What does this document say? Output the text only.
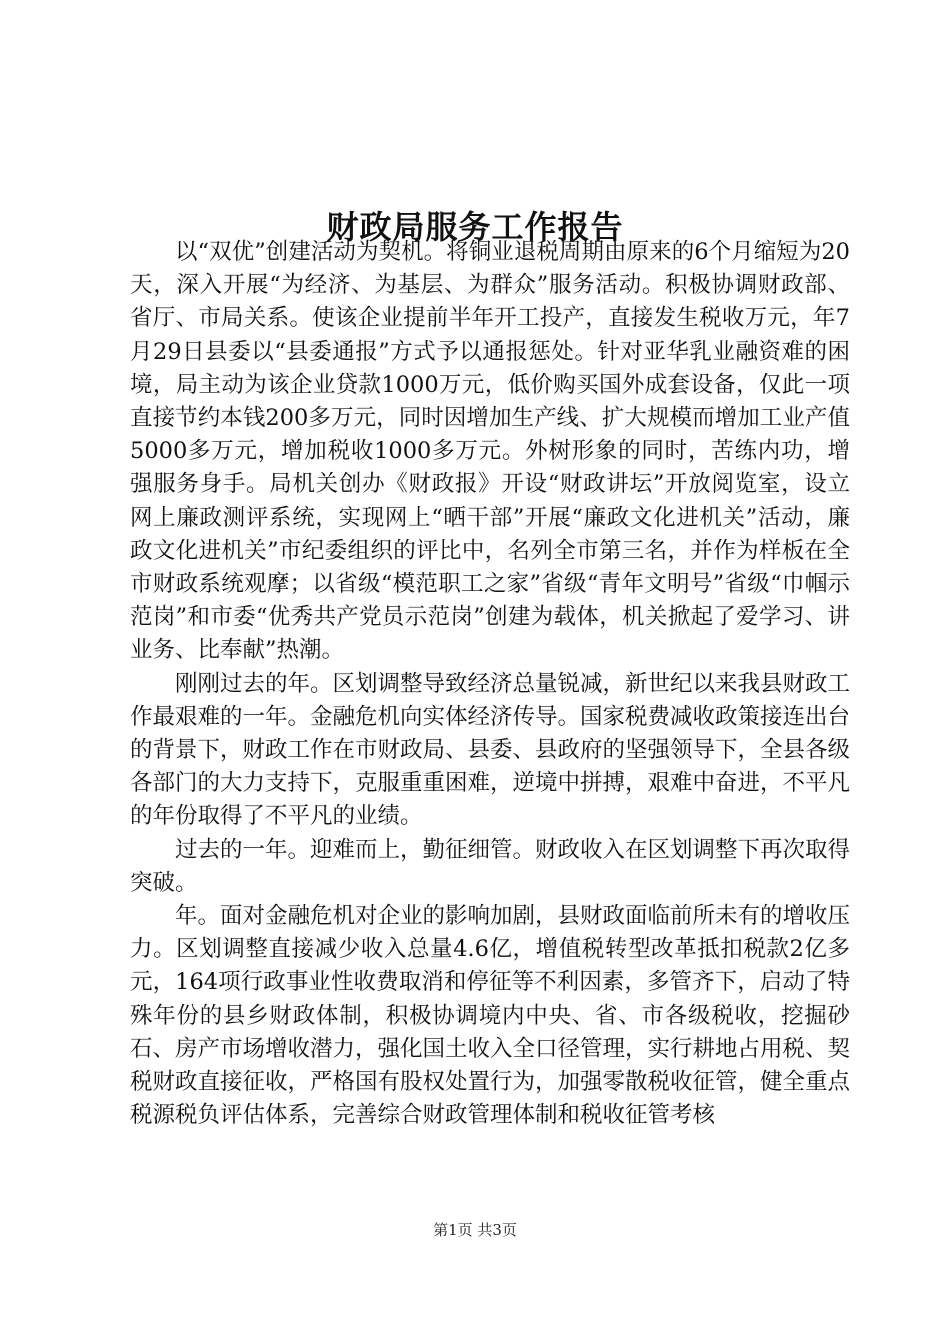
财政局服务工作报告

以“双优”创建活动为契机。将铜业退税周期由原来的6个月缩短为20天，深入开展“为经济、为基层、为群众”服务活动。积极协调财政部、省厅、市局关系。使该企业提前半年开工投产，直接发生税收万元，年7月29日县委以“县委通报”方式予以通报惩处。针对亚华乳业融资难的困境，局主动为该企业贷款1000万元，低价购买国外成套设备，仅此一项直接节约本钱200多万元，同时因增加生产线、扩大规模而增加工业产值5000多万元，增加税收1000多万元。外树形象的同时，苦练内功，增强服务身手。局机关创办《财政报》开设“财政讲坛”开放阅览室，设立网上廉政测评系统，实现网上“晒干部”开展“廉政文化进机关”活动，廉政文化进机关”市纪委组织的评比中，名列全市第三名，并作为样板在全市财政系统观摩；以省级“模范职工之家”省级“青年文明号”省级“巾帼示范岗”和市委“优秀共产党员示范岗”创建为载体，机关掀起了爱学习、讲业务、比奉献”热潮。

刚刚过去的年。区划调整导致经济总量锐减，新世纪以来我县财政工作最艰难的一年。金融危机向实体经济传导。国家税费减收政策接连出台的背景下，财政工作在市财政局、县委、县政府的坚强领导下，全县各级各部门的大力支持下，克服重重困难，逆境中拼搏，艰难中奋进，不平凡的年份取得了不平凡的业绩。

过去的一年。迎难而上，勤征细管。财政收入在区划调整下再次取得突破。

年。面对金融危机对企业的影响加剧，县财政面临前所未有的增收压力。区划调整直接减少收入总量4.6亿，增值税转型改革抵扣税款2亿多元，164项行政事业性收费取消和停征等不利因素，多管齐下，启动了特殊年份的县乡财政体制，积极协调境内中央、省、市各级税收，挖掘砂石、房产市场增收潜力，强化国土收入全口径管理，实行耕地占用税、契税财政直接征收，严格国有股权处置行为，加强零散税收征管，健全重点税源税负评估体系，完善综合财政管理体制和税收征管考核

第1页 共3页
